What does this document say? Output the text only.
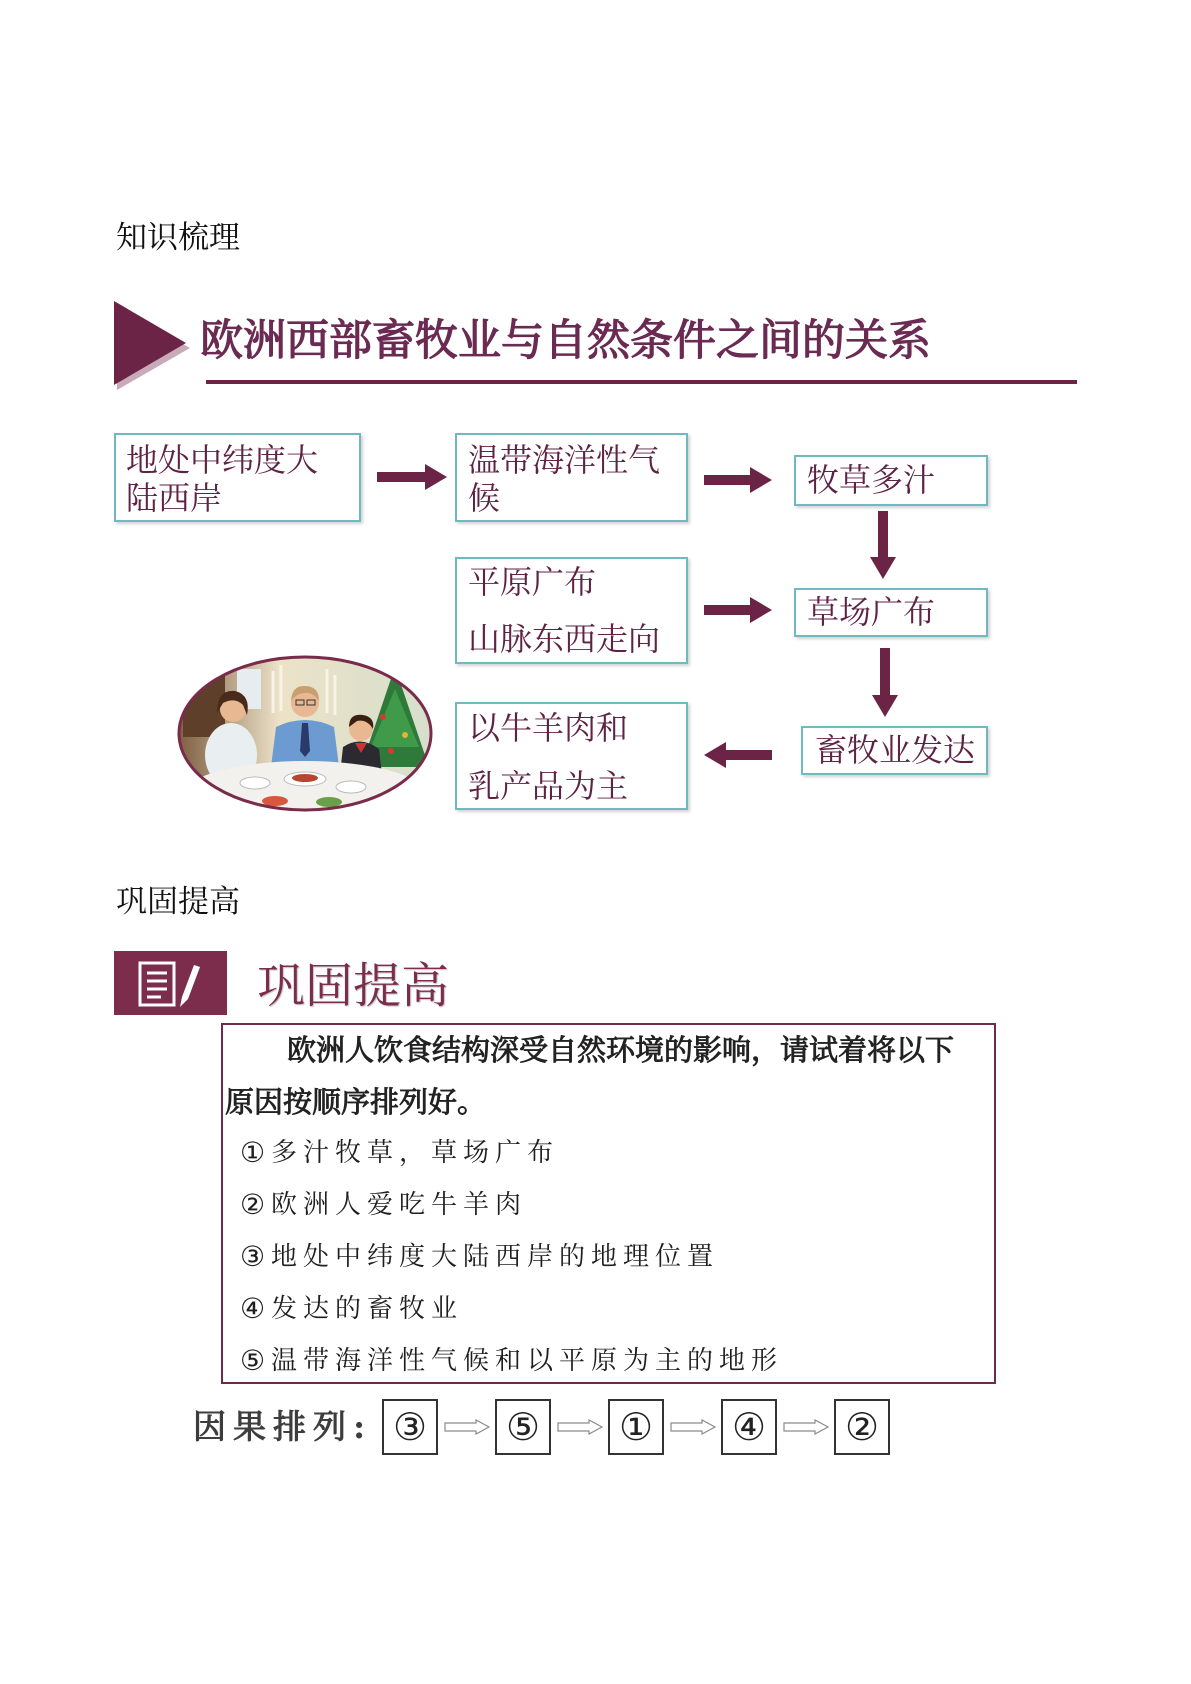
知识梳理
欧洲西部畜牧业与自然条件之间的关系
地处中纬度大
陆西岸
温带海洋性气
候	牧草多汁
平原广布
山脉东西走向
草场广布
畜牧业发达
以牛羊肉和
乳产品为主
巩固提高
巩固提高
欧洲人饮食结构深受自然环境的影响，请试着将以下
原因按顺序排列好。
① 多汁牧草，草场广布
② 欧洲人爱吃牛羊肉
③ 地处中纬度大陆西岸的地理位置
④ 发达的畜牧业
⑤ 温带海洋性气候和以平原为主的地形
因果排列: ③ ⑤ ① ④ ②
